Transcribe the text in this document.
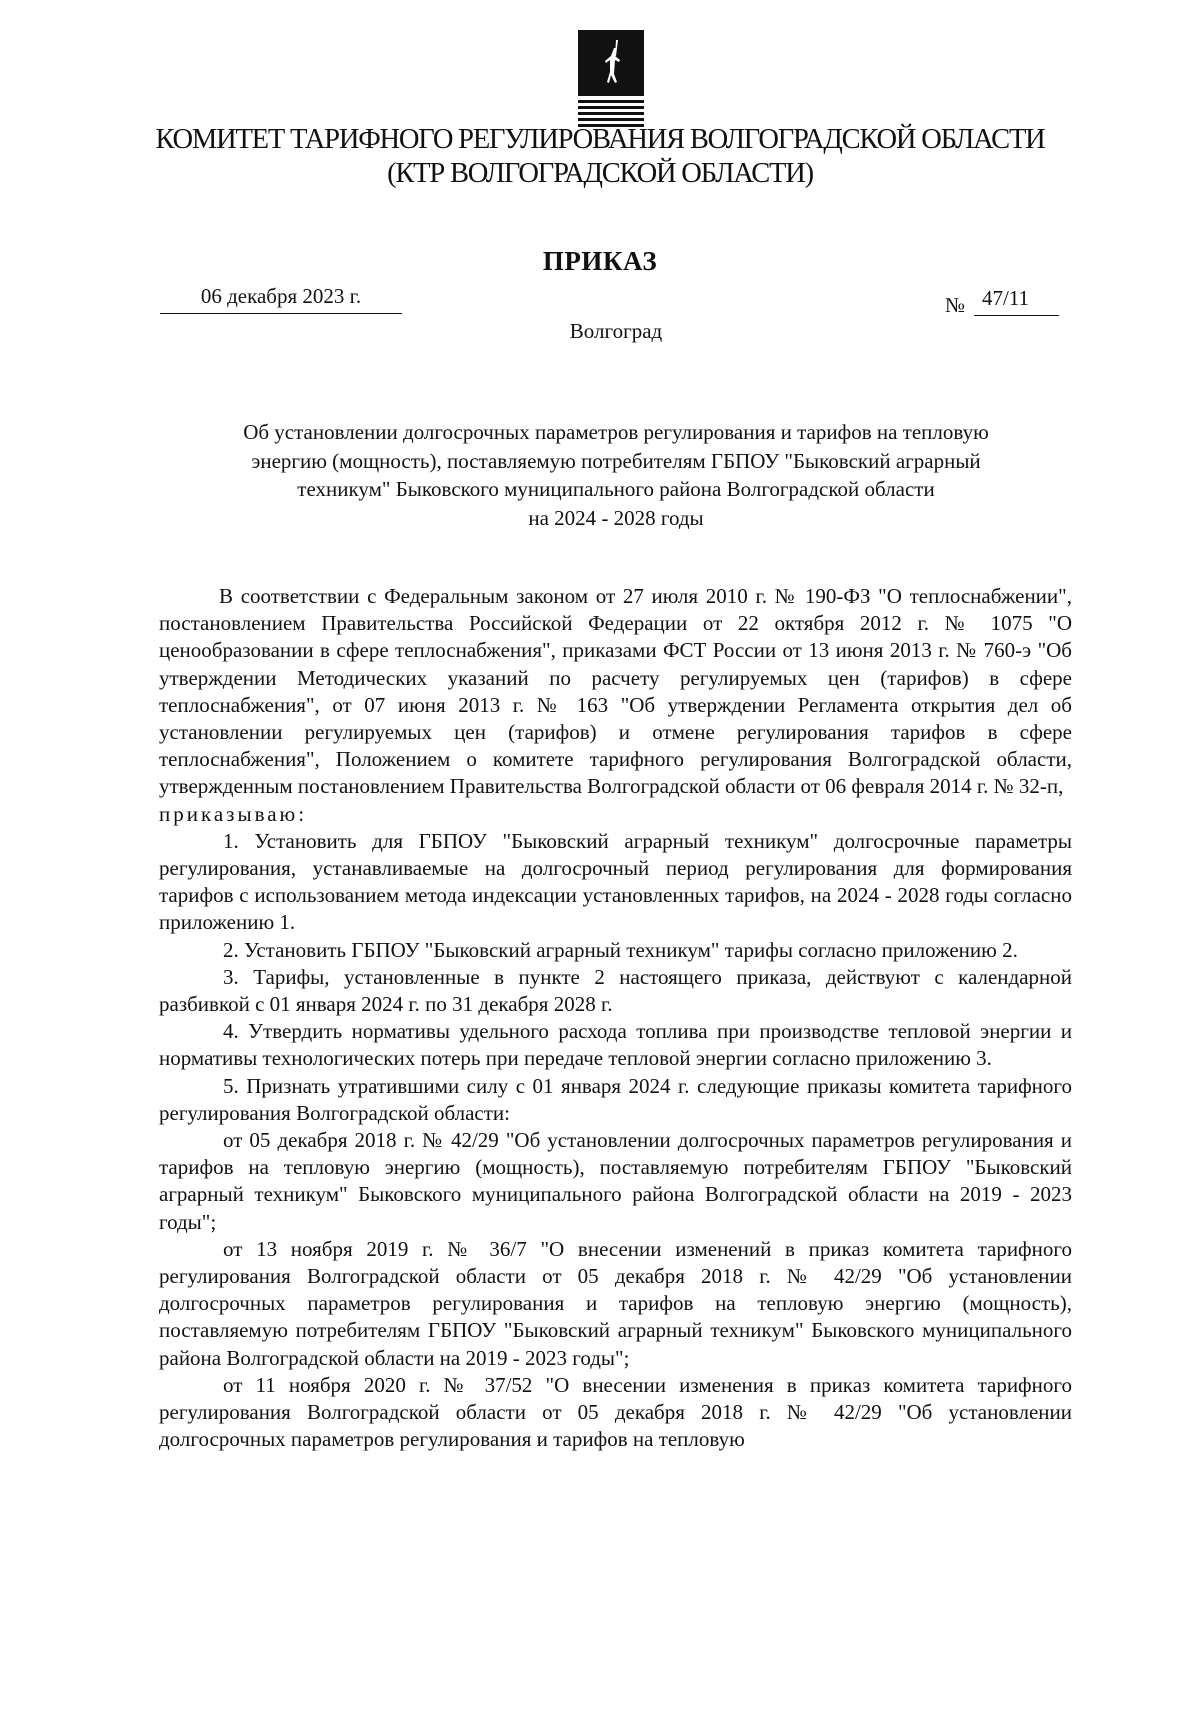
КОМИТЕТ ТАРИФНОГО РЕГУЛИРОВАНИЯ ВОЛГОГРАДСКОЙ ОБЛАСТИ
(КТР ВОЛГОГРАДСКОЙ ОБЛАСТИ)
ПРИКАЗ
06 декабря 2023 г.	№ 47/11
Волгоград
Об установлении долгосрочных параметров регулирования и тарифов на тепловую
энергию (мощность), поставляемую потребителям ГБПОУ "Быковский аграрный
техникум" Быковского муниципального района Волгоградской области
на 2024 - 2028 годы

В соответствии с Федеральным законом от 27 июля 2010 г. № 190-ФЗ "О теплоснабжении", постановлением Правительства Российской Федерации от 22 октября 2012 г. № 1075 "О ценообразовании в сфере теплоснабжения", приказами ФСТ России от 13 июня 2013 г. № 760-э "Об утверждении Методических указаний по расчету регулируемых цен (тарифов) в сфере теплоснабжения", от 07 июня 2013 г. № 163 "Об утверждении Регламента открытия дел об установлении регулируемых цен (тарифов) и отмене регулирования тарифов в сфере теплоснабжения", Положением о комитете тарифного регулирования Волгоградской области, утвержденным постановлением Правительства Волгоградской области от 06 февраля 2014 г. № 32-п,

приказываю:

1. Установить для ГБПОУ "Быковский аграрный техникум" долгосрочные параметры регулирования, устанавливаемые на долгосрочный период регулирования для формирования тарифов с использованием метода индексации установленных тарифов, на 2024 - 2028 годы согласно приложению 1.

2. Установить ГБПОУ "Быковский аграрный техникум" тарифы согласно приложению 2.

3. Тарифы, установленные в пункте 2 настоящего приказа, действуют с календарной разбивкой с 01 января 2024 г. по 31 декабря 2028 г.

4. Утвердить нормативы удельного расхода топлива при производстве тепловой энергии и нормативы технологических потерь при передаче тепловой энергии согласно приложению 3.

5. Признать утратившими силу с 01 января 2024 г. следующие приказы комитета тарифного регулирования Волгоградской области:

от 05 декабря 2018 г. № 42/29 "Об установлении долгосрочных параметров регулирования и тарифов на тепловую энергию (мощность), поставляемую потребителям ГБПОУ "Быковский аграрный техникум" Быковского муниципального района Волгоградской области на 2019 - 2023 годы";

от 13 ноября 2019 г. № 36/7 "О внесении изменений в приказ комитета тарифного регулирования Волгоградской области от 05 декабря 2018 г. № 42/29 "Об установлении долгосрочных параметров регулирования и тарифов на тепловую энергию (мощность), поставляемую потребителям ГБПОУ "Быковский аграрный техникум" Быковского муниципального района Волгоградской области на 2019 - 2023 годы";

от 11 ноября 2020 г. № 37/52 "О внесении изменения в приказ комитета тарифного регулирования Волгоградской области от 05 декабря 2018 г. № 42/29 "Об установлении долгосрочных параметров регулирования и тарифов на тепловую
